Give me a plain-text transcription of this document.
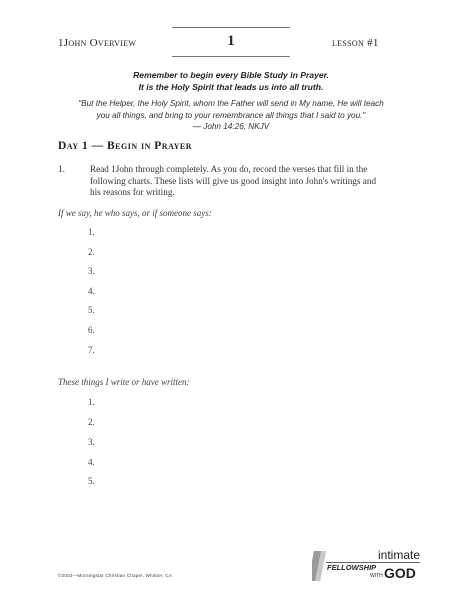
1John Overview	1	lesson #1
Remember to begin every Bible Study in Prayer.
It is the Holy Spirit that leads us into all truth.
"But the Helper, the Holy Spirit, whom the Father will send in My name, He will teach
you all things, and bring to your remembrance all things that I said to you."
— John 14:26, NKJV
Day 1 — Begin in Prayer
1.	Read 1John through completely. As you do, record the verses that fill in the
following charts. These lists will give us good insight into John's writings and
his reasons for writing.
If we say, he who says, or if someone says:
1.
2.
3.
4.
5.
6.
7.
These things I write or have written:
1.
2.
3.
4.
5.
©2003—Morningstar Christian Chapel, Whittier, CA
intimate
FELLOWSHIP
WITH GOD
